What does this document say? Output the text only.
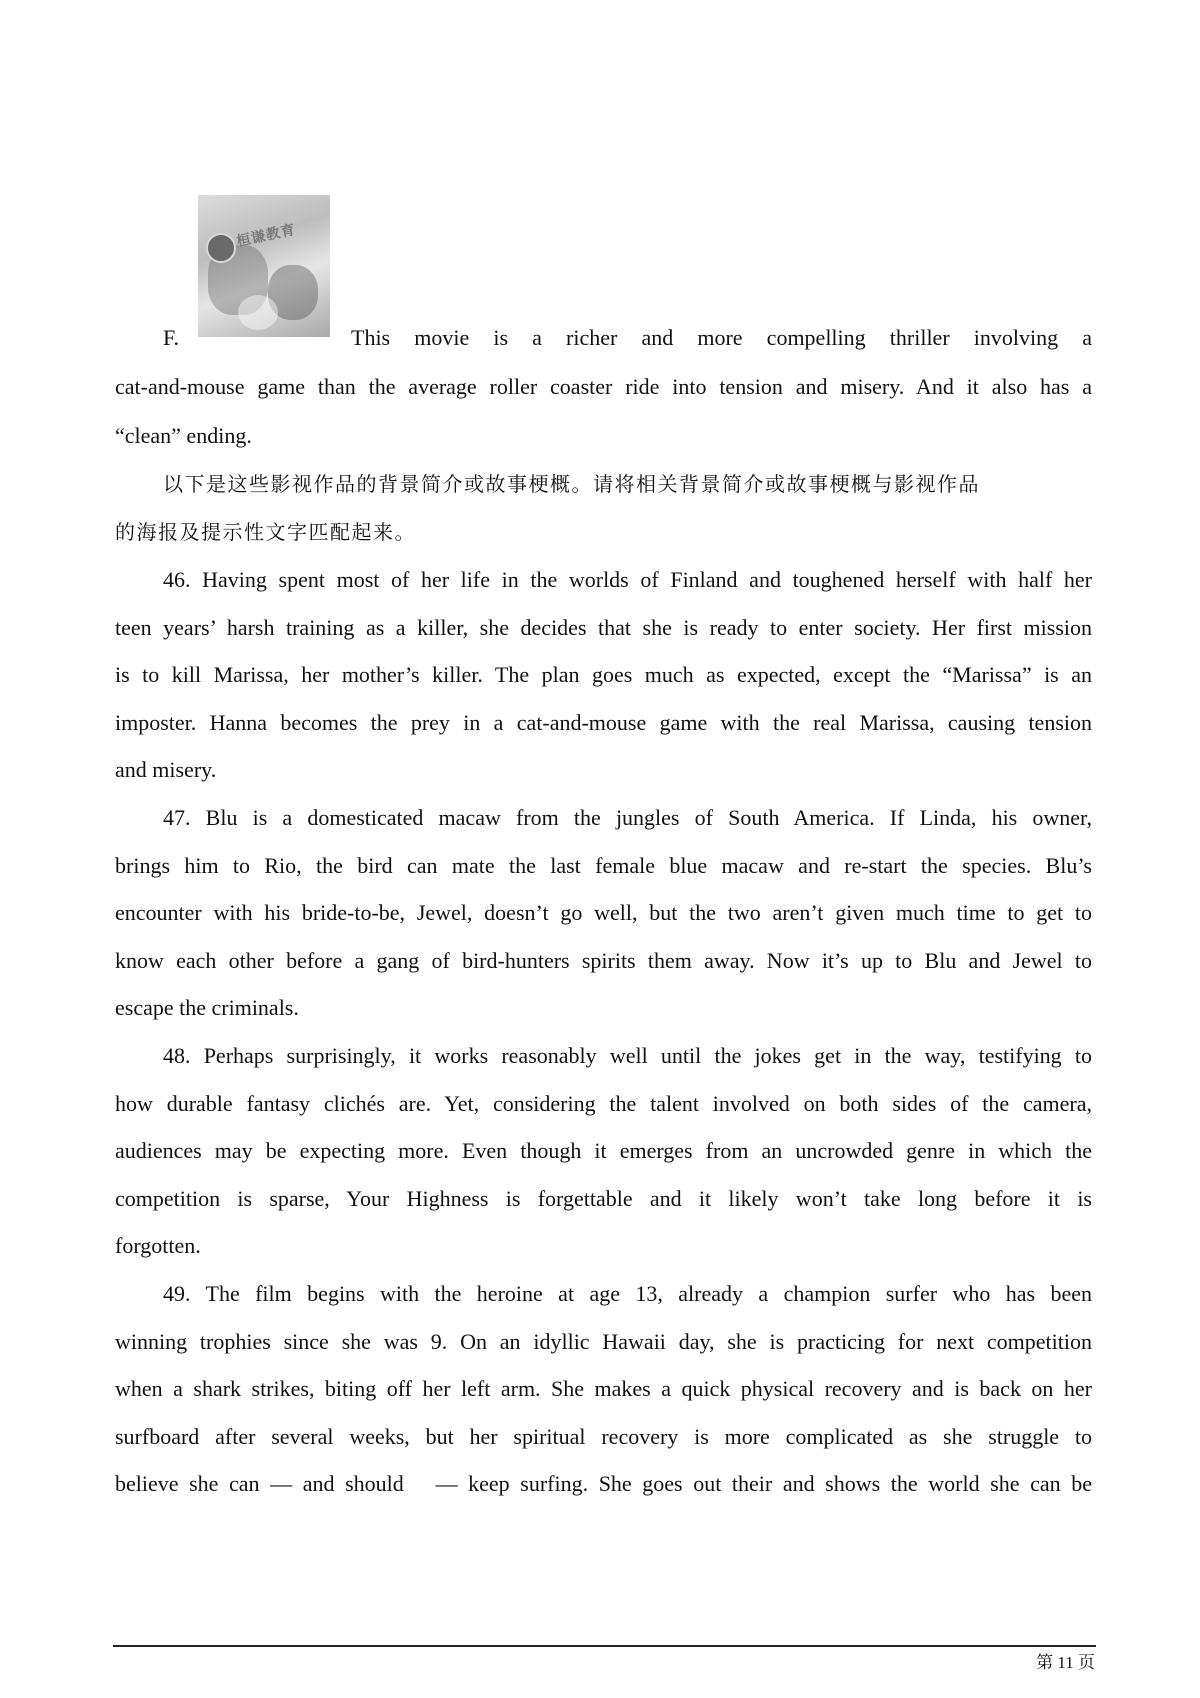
桓谦教育
F.	This movie is a richer and more compelling thriller involving a
cat-and-mouse game than the average roller coaster ride into tension and misery. And it also has a
“clean” ending.
以下是这些影视作品的背景简介或故事梗概。请将相关背景简介或故事梗概与影视作品
的海报及提示性文字匹配起来。
46. Having spent most of her life in the worlds of Finland and toughened herself with half her
teen years’ harsh training as a killer, she decides that she is ready to enter society. Her first mission
is to kill Marissa, her mother’s killer. The plan goes much as expected, except the “Marissa” is an
imposter. Hanna becomes the prey in a cat-and-mouse game with the real Marissa, causing tension
and misery.
47. Blu is a domesticated macaw from the jungles of South America. If Linda, his owner,
brings him to Rio, the bird can mate the last female blue macaw and re-start the species. Blu’s
encounter with his bride-to-be, Jewel, doesn’t go well, but the two aren’t given much time to get to
know each other before a gang of bird-hunters spirits them away. Now it’s up to Blu and Jewel to
escape the criminals.
48. Perhaps surprisingly, it works reasonably well until the jokes get in the way, testifying to
how durable fantasy clichés are. Yet, considering the talent involved on both sides of the camera,
audiences may be expecting more. Even though it emerges from an uncrowded genre in which the
competition is sparse, Your Highness is forgettable and it likely won’t take long before it is
forgotten.
49. The film begins with the heroine at age 13, already a champion surfer who has been
winning trophies since she was 9. On an idyllic Hawaii day, she is practicing for next competition
when a shark strikes, biting off her left arm. She makes a quick physical recovery and is back on her
surfboard after several weeks, but her spiritual recovery is more complicated as she struggle to
believe she can — and should   — keep surfing. She goes out their and shows the world she can be
第 11 页
